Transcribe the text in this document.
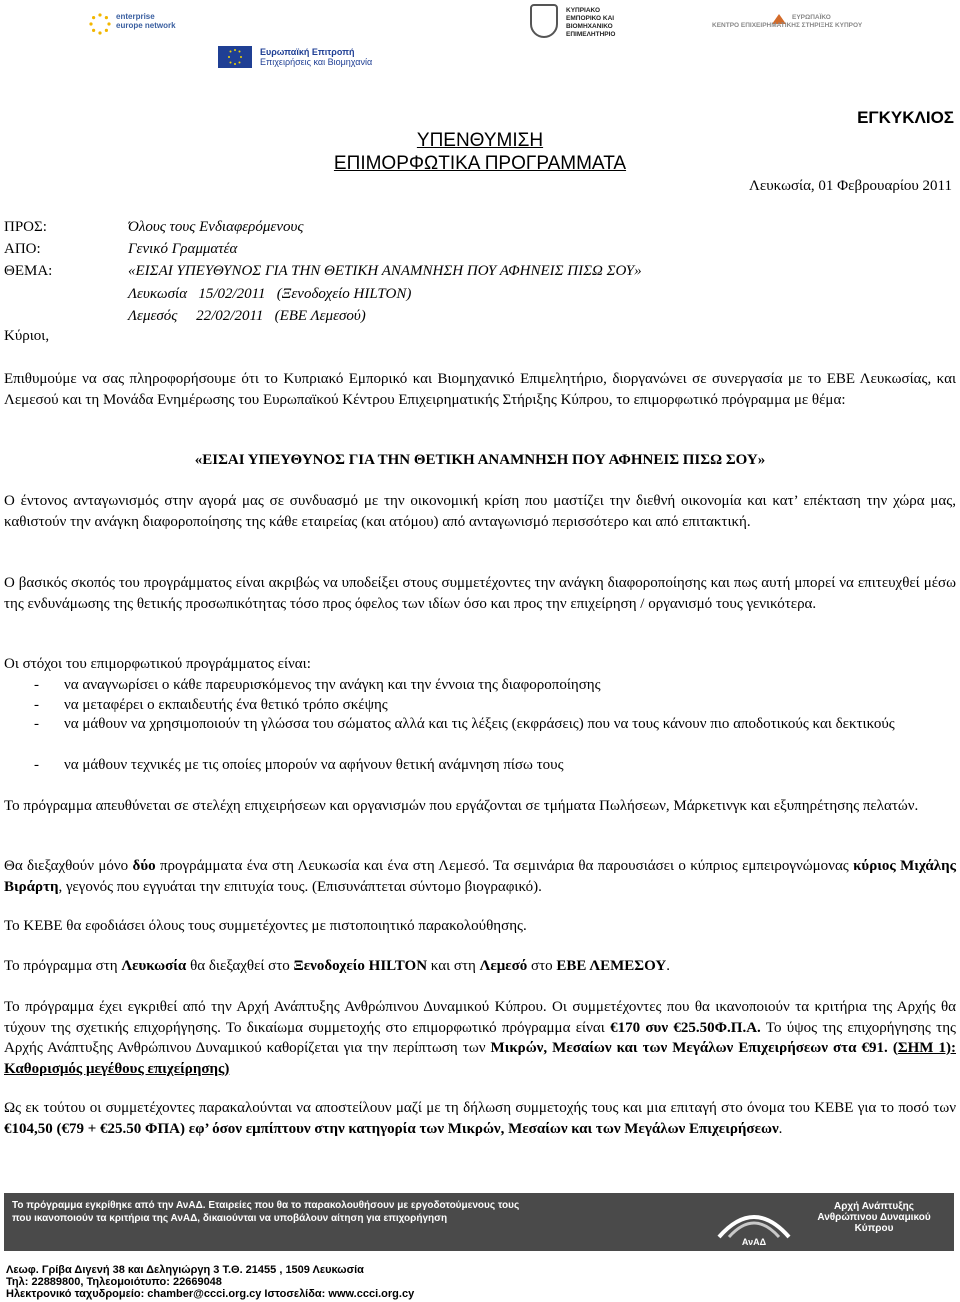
enterprise europe network
Ευρωπαϊκή Επιτροπή
Επιχειρήσεις και Βιομηχανία
ΚΥΠΡΙΑΚΟ
ΕΜΠΟΡΙΚΟ ΚΑΙ
ΒΙΟΜΗΧΑΝΙΚΟ
ΕΠΙΜΕΛΗΤΗΡΙΟ
ΕΥΡΩΠΑΪΚΟ
ΚΕΝΤΡΟ ΕΠΙΧΕΙΡΗΜΑΤΙΚΗΣ ΣΤΗΡΙΞΗΣ ΚΥΠΡΟΥ
ΕΓΚΥΚΛΙΟΣ
ΥΠΕΝΘΥΜΙΣΗ
ΕΠΙΜΟΡΦΩΤΙΚΑ ΠΡΟΓΡΑΜΜΑΤΑ
Λευκωσία, 01 Φεβρουαρίου 2011
ΠΡΟΣ:	Όλους τους Ενδιαφερόμενους
ΑΠΟ:	Γενικό Γραμματέα
ΘΕΜΑ:	«ΕΙΣΑΙ ΥΠΕΥΘΥΝΟΣ ΓΙΑ ΤΗΝ ΘΕΤΙΚΗ ΑΝΑΜΝΗΣΗ ΠΟΥ ΑΦΗΝΕΙΣ ΠΙΣΩ ΣΟΥ»
Λευκωσία   15/02/2011   (Ξενοδοχείο HILTON)
Λεμεσός     22/02/2011   (ΕΒΕ Λεμεσού)
Κύριοι,
Επιθυμούμε να σας πληροφορήσουμε ότι το Κυπριακό Εμπορικό και Βιομηχανικό Επιμελητήριο, διοργανώνει σε συνεργασία με το ΕΒΕ Λευκωσίας, και Λεμεσού και τη Μονάδα Ενημέρωσης του Ευρωπαϊκού Κέντρου Επιχειρηματικής Στήριξης Κύπρου, το επιμορφωτικό πρόγραμμα με θέμα:
«ΕΙΣΑΙ ΥΠΕΥΘΥΝΟΣ ΓΙΑ ΤΗΝ ΘΕΤΙΚΗ ΑΝΑΜΝΗΣΗ ΠΟΥ ΑΦΗΝΕΙΣ ΠΙΣΩ ΣΟΥ»
Ο έντονος ανταγωνισμός στην αγορά μας σε συνδυασμό με την οικονομική κρίση που μαστίζει την διεθνή οικονομία και κατ’ επέκταση την χώρα μας, καθιστούν την ανάγκη διαφοροποίησης της κάθε εταιρείας (και ατόμου) από ανταγωνισμό περισσότερο και από επιτακτική.
Ο βασικός σκοπός του προγράμματος είναι ακριβώς να υποδείξει στους συμμετέχοντες την ανάγκη διαφοροποίησης και πως αυτή μπορεί να επιτευχθεί μέσω της ενδυνάμωσης της θετικής προσωπικότητας τόσο προς όφελος των ιδίων όσο και προς την επιχείρηση / οργανισμό τους γενικότερα.
Οι στόχοι του επιμορφωτικού προγράμματος είναι:
- να αναγνωρίσει ο κάθε παρευρισκόμενος την ανάγκη και την έννοια της διαφοροποίησης
- να μεταφέρει ο εκπαιδευτής ένα θετικό τρόπο σκέψης
- να μάθουν να χρησιμοποιούν τη γλώσσα του σώματος αλλά και τις λέξεις (εκφράσεις) που να τους κάνουν πιο αποδοτικούς και δεκτικούς
- να μάθουν τεχνικές με τις οποίες μπορούν να αφήνουν θετική ανάμνηση πίσω τους
Το πρόγραμμα απευθύνεται σε στελέχη επιχειρήσεων και οργανισμών που εργάζονται σε τμήματα Πωλήσεων, Μάρκετινγκ και εξυπηρέτησης πελατών.
Θα διεξαχθούν μόνο δύο προγράμματα ένα στη Λευκωσία και ένα στη Λεμεσό. Τα σεμινάρια θα παρουσιάσει ο κύπριος εμπειρογνώμονας κύριος Μιχάλης Βιράρτη, γεγονός που εγγυάται την επιτυχία τους. (Επισυνάπτεται σύντομο βιογραφικό).
Το ΚΕΒΕ θα εφοδιάσει όλους τους συμμετέχοντες με πιστοποιητικό παρακολούθησης.
Το πρόγραμμα στη Λευκωσία θα διεξαχθεί στο Ξενοδοχείο HILTON και στη Λεμεσό στο ΕΒΕ ΛΕΜΕΣΟΥ.
Το πρόγραμμα έχει εγκριθεί από την Αρχή Ανάπτυξης Ανθρώπινου Δυναμικού Κύπρου. Οι συμμετέχοντες που θα ικανοποιούν τα κριτήρια της Αρχής θα τύχουν της σχετικής επιχορήγησης. Το δικαίωμα συμμετοχής στο επιμορφωτικό πρόγραμμα είναι €170 συν €25.50Φ.Π.Α. Το ύψος της επιχορήγησης της Αρχής Ανάπτυξης Ανθρώπινου Δυναμικού καθορίζεται για την περίπτωση των Μικρών, Μεσαίων και των Μεγάλων Επιχειρήσεων στα €91. (ΣΗΜ 1): Καθορισμός μεγέθους επιχείρησης)
Ως εκ τούτου οι συμμετέχοντες παρακαλούνται να αποστείλουν μαζί με τη δήλωση συμμετοχής τους και μια επιταγή στο όνομα του ΚΕΒΕ για το ποσό των €104,50 (€79 + €25.50 ΦΠΑ) εφ’ όσον εμπίπτουν στην κατηγορία των Μικρών, Μεσαίων και των Μεγάλων Επιχειρήσεων.
Το πρόγραμμα εγκρίθηκε από την ΑνΑΔ. Εταιρείες που θα το παρακολουθήσουν με εργοδοτούμενους τους που ικανοποιούν τα κριτήρια της ΑνΑΔ, δικαιούνται να υποβάλουν αίτηση για επιχορήγηση
ΑνΑΔ
Αρχή Ανάπτυξης Ανθρώπινου Δυναμικού Κύπρου
Λεωφ. Γρίβα Διγενή 38 και Δεληγιώργη 3 Τ.Θ. 21455 , 1509 Λευκωσία
Τηλ: 22889800, Τηλεομοιότυπο: 22669048
Ηλεκτρονικό ταχυδρομείο: chamber@ccci.org.cy Ιστοσελίδα: www.ccci.org.cy
